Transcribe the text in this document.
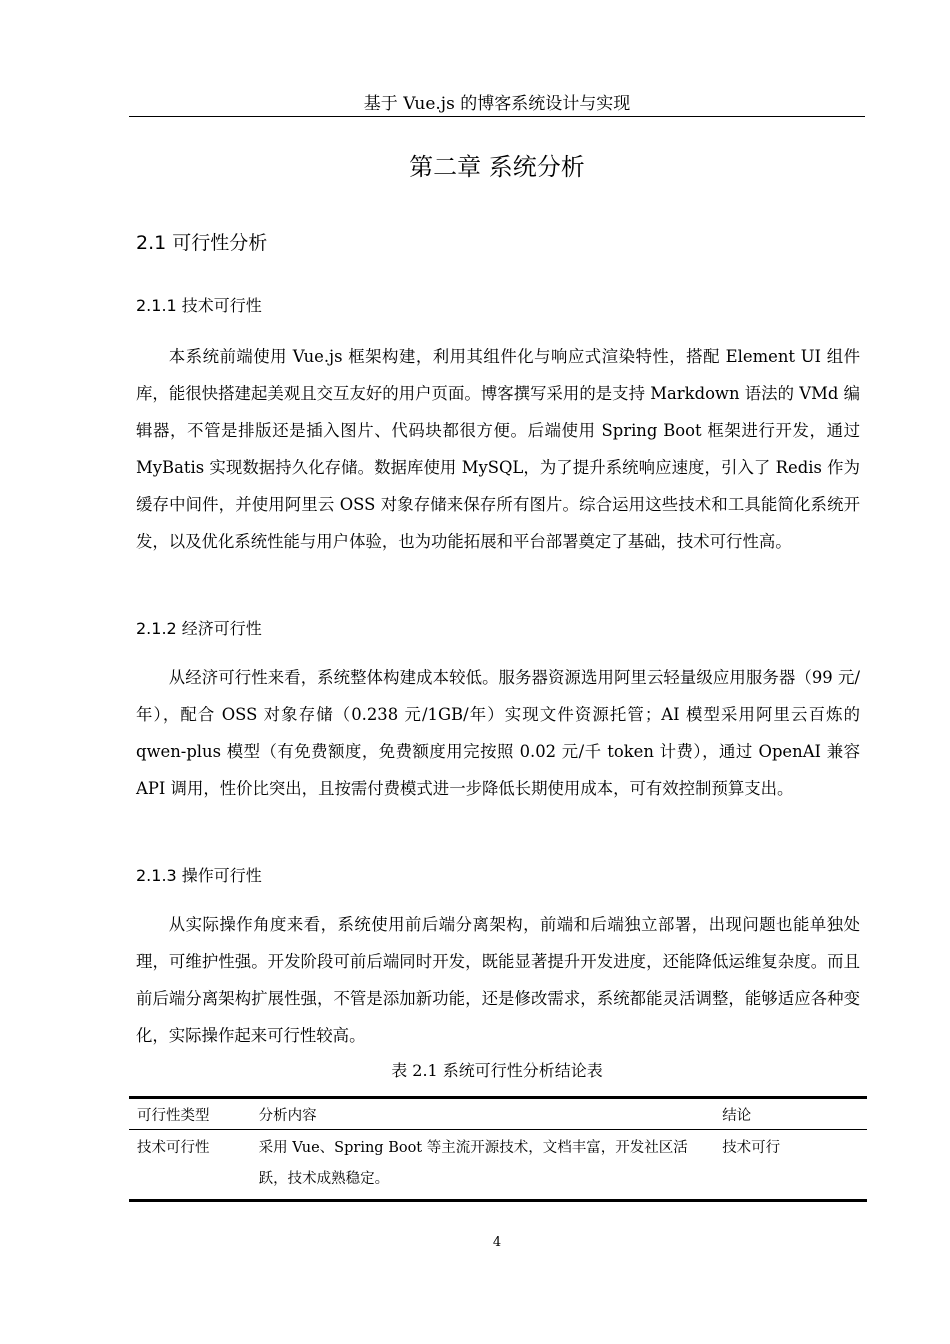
基于 Vue.js 的博客系统设计与实现
第二章 系统分析
2.1 可行性分析
2.1.1 技术可行性

本系统前端使用 Vue.js 框架构建，利用其组件化与响应式渲染特性，搭配 Element UI 组件库，能很快搭建起美观且交互友好的用户页面。博客撰写采用的是支持 Markdown 语法的 VMd 编辑器，不管是排版还是插入图片、代码块都很方便。后端使用 Spring Boot 框架进行开发，通过 MyBatis 实现数据持久化存储。数据库使用 MySQL，为了提升系统响应速度，引入了 Redis 作为缓存中间件，并使用阿里云 OSS 对象存储来保存所有图片。综合运用这些技术和工具能简化系统开发，以及优化系统性能与用户体验，也为功能拓展和平台部署奠定了基础，技术可行性高。

2.1.2 经济可行性

从经济可行性来看，系统整体构建成本较低。服务器资源选用阿里云轻量级应用服务器（99 元/年），配合 OSS 对象存储（0.238 元/1GB/年）实现文件资源托管；AI 模型采用阿里云百炼的 qwen-plus 模型（有免费额度，免费额度用完按照 0.02 元/千 token 计费），通过 OpenAI 兼容 API 调用，性价比突出，且按需付费模式进一步降低长期使用成本，可有效控制预算支出。

2.1.3 操作可行性

从实际操作角度来看，系统使用前后端分离架构，前端和后端独立部署，出现问题也能单独处理，可维护性强。开发阶段可前后端同时开发，既能显著提升开发进度，还能降低运维复杂度。而且前后端分离架构扩展性强，不管是添加新功能，还是修改需求，系统都能灵活调整，能够适应各种变化，实际操作起来可行性较高。

表 2.1 系统可行性分析结论表
可行性类型	分析内容	结论
技术可行性	采用 Vue、Spring Boot 等主流开源技术，文档丰富，开发社区活跃，技术成熟稳定。	技术可行
4
